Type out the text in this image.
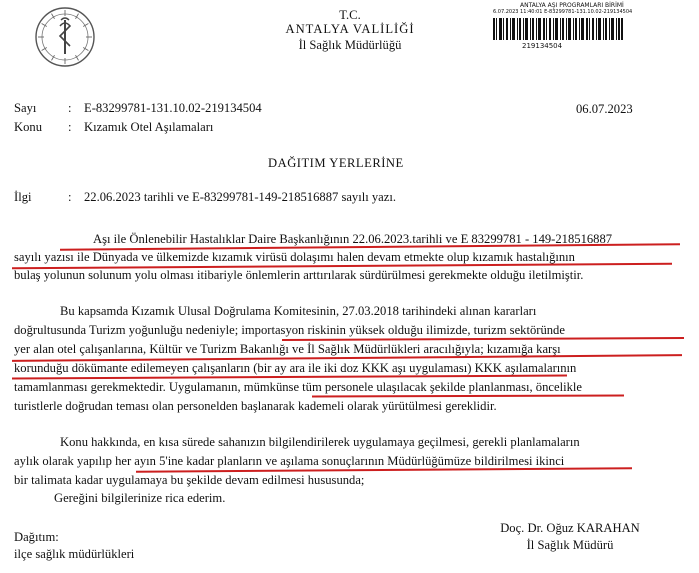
T.C.
ANTALYA VALİLİĞİ
İl Sağlık Müdürlüğü
ANTALYA AŞI PROGRAMLARI BİRİMİ
6.07.2023 11:40:01 E-83299781-131.10.02-219134504
219134504
Sayı	: E-83299781-131.10.02-219134504	06.07.2023
Konu : Kızamık Otel Aşılamaları
DAĞITIM YERLERİNE
İlgi	: 22.06.2023 tarihli ve E-83299781-149-218516887 sayılı yazı.
Aşı ile Önlenebilir Hastalıklar Daire Başkanlığının 22.06.2023.tarihli ve E 83299781 - 149-218516887
sayılı yazısı ile Dünyada ve ülkemizde kızamık virüsü dolaşımı halen devam etmekte olup kızamık hastalığının
bulaş yolunun solunum yolu olması itibariyle önlemlerin arttırılarak sürdürülmesi gerekmekte olduğu iletilmiştir.
Bu kapsamda Kızamık Ulusal Doğrulama Komitesinin, 27.03.2018 tarihindeki alınan kararları
doğrultusunda Turizm yoğunluğu nedeniyle; importasyon riskinin yüksek olduğu ilimizde, turizm sektöründe
yer alan otel çalışanlarına, Kültür ve Turizm Bakanlığı ve İl Sağlık Müdürlükleri aracılığıyla; kızamığa karşı
korunduğu dökümante edilemeyen çalışanların (bir ay ara ile iki doz KKK aşı uygulaması) KKK aşılamalarının
tamamlanması gerekmektedir. Uygulamanın, mümkünse tüm personele ulaşılacak şekilde planlanması, öncelikle
turistlerle doğrudan teması olan personelden başlanarak kademeli olarak yürütülmesi gereklidir.
Konu hakkında, en kısa sürede sahanızın bilgilendirilerek uygulamaya geçilmesi, gerekli planlamaların
aylık olarak yapılıp her ayın 5'ine kadar planların ve aşılama sonuçlarının Müdürlüğümüze bildirilmesi ikinci
bir talimata kadar uygulamaya bu şekilde devam edilmesi hususunda;
Gereğini bilgilerinize rica ederim.
Doç. Dr. Oğuz KARAHAN
İl Sağlık Müdürü
Dağıtım:
ilçe sağlık müdürlükleri
